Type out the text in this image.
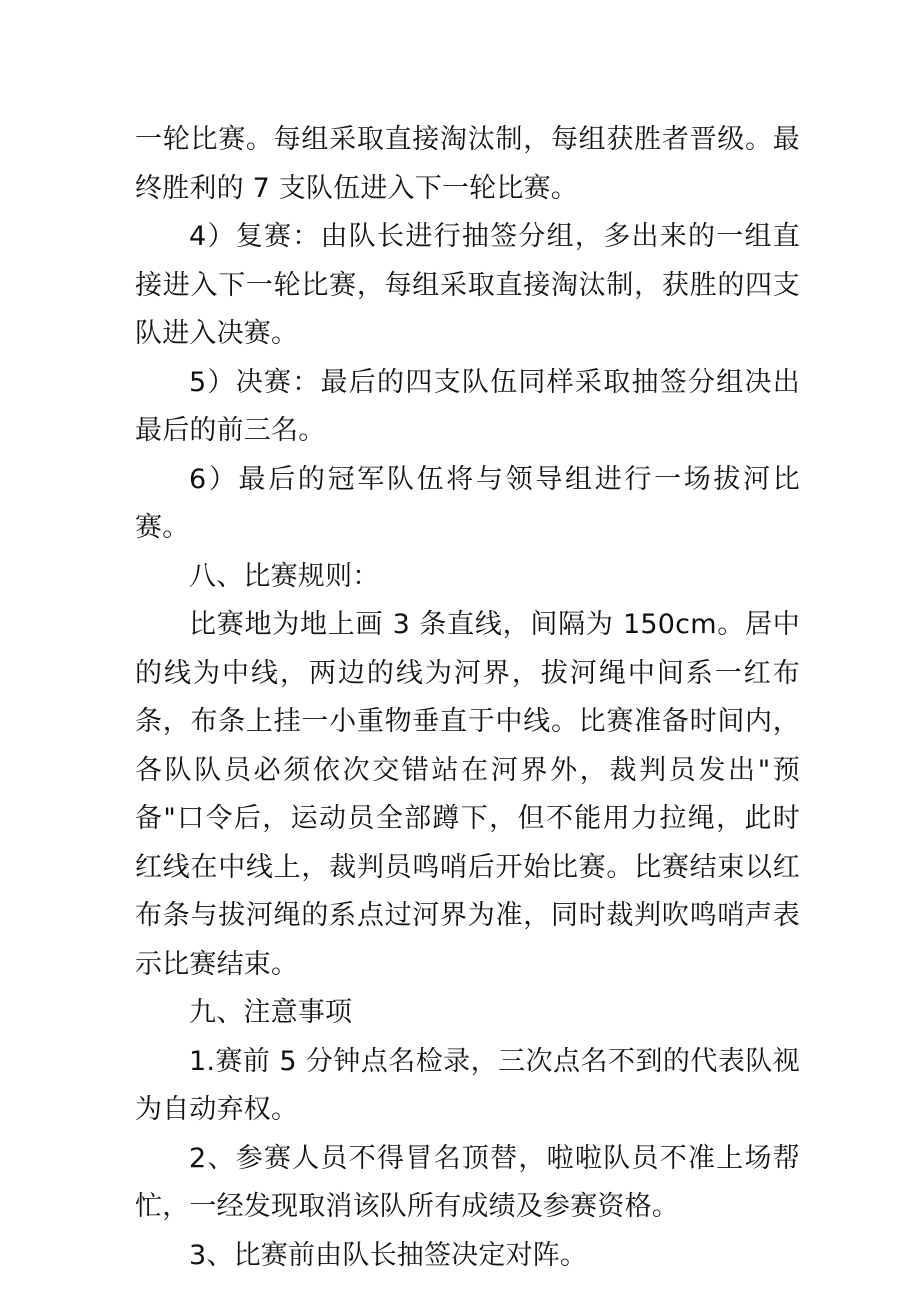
一轮比赛。每组采取直接淘汰制，每组获胜者晋级。最终胜利的 7 支队伍进入下一轮比赛。

4）复赛：由队长进行抽签分组，多出来的一组直接进入下一轮比赛，每组采取直接淘汰制，获胜的四支队进入决赛。

5）决赛：最后的四支队伍同样采取抽签分组决出最后的前三名。

6）最后的冠军队伍将与领导组进行一场拔河比赛。

八、比赛规则：

比赛地为地上画 3 条直线，间隔为 150cm。居中的线为中线，两边的线为河界，拔河绳中间系一红布条，布条上挂一小重物垂直于中线。比赛准备时间内，各队队员必须依次交错站在河界外，裁判员发出"预备"口令后，运动员全部蹲下，但不能用力拉绳，此时红线在中线上，裁判员鸣哨后开始比赛。比赛结束以红布条与拔河绳的系点过河界为准，同时裁判吹鸣哨声表示比赛结束。

九、注意事项

1.赛前 5 分钟点名检录，三次点名不到的代表队视为自动弃权。

2、参赛人员不得冒名顶替，啦啦队员不准上场帮忙，一经发现取消该队所有成绩及参赛资格。

3、比赛前由队长抽签决定对阵。
